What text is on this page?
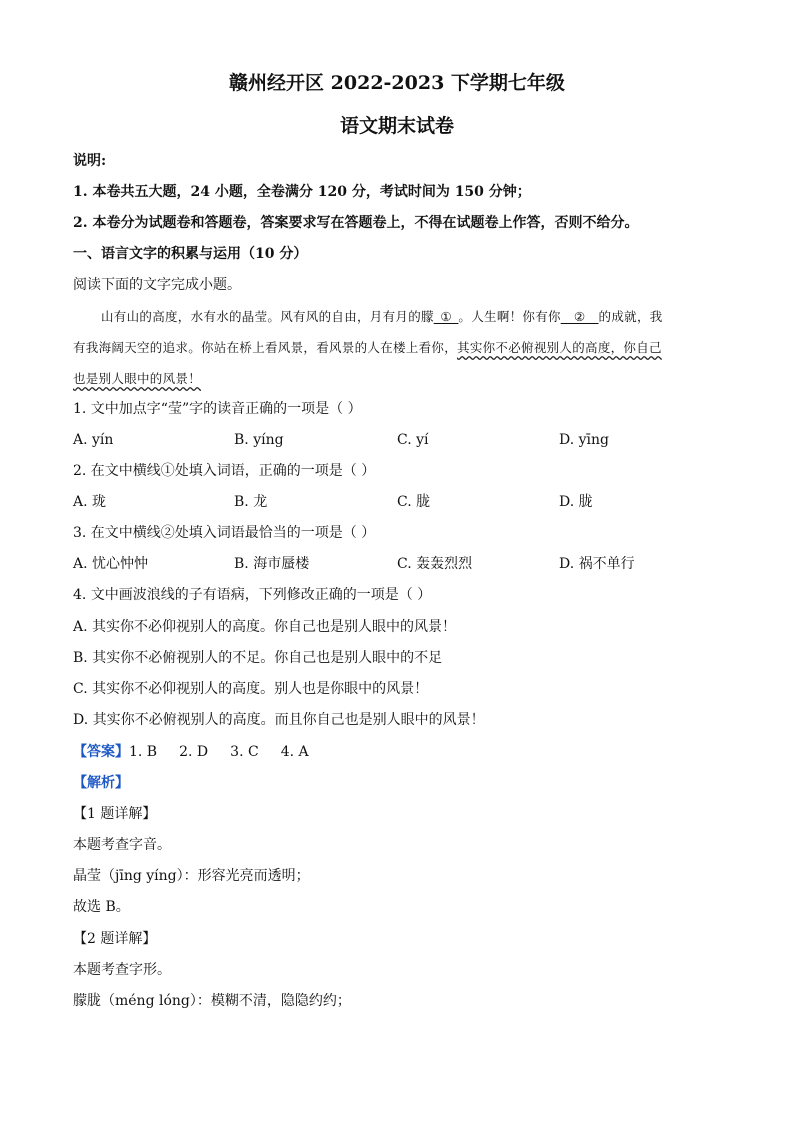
赣州经开区 2022-2023 下学期七年级
语文期末试卷
说明:
1. 本卷共五大题，24 小题，全卷满分 120 分，考试时间为 150 分钟；
2. 本卷分为试题卷和答题卷，答案要求写在答题卷上，不得在试题卷上作答，否则不给分。
一、语言文字的积累与运用（10 分）
阅读下面的文字完成小题。
山有山的高度，水有水的晶莹。风有风的自由，月有月的朦_①_。人生啊！你有你__②__的成就，我
有我海阔天空的追求。你站在桥上看风景，看风景的人在楼上看你，其实你不必俯视别人的高度，你自己
也是别人眼中的风景！
1. 文中加点字“莹”字的读音正确的一项是（ ）
A. yín	B. yíng	C. yí	D. yīng
2. 在文中横线①处填入词语，正确的一项是（ ）
A. 珑	B. 龙	C. 胧	D. 胧
3. 在文中横线②处填入词语最恰当的一项是（ ）
A. 忧心忡忡	B. 海市蜃楼	C. 轰轰烈烈	D. 祸不单行
4. 文中画波浪线的子有语病，下列修改正确的一项是（ ）
A. 其实你不必仰视别人的高度。你自己也是别人眼中的风景！
B. 其实你不必俯视别人的不足。你自己也是别人眼中的不足
C. 其实你不必仰视别人的高度。别人也是你眼中的风景！
D. 其实你不必俯视别人的高度。而且你自己也是别人眼中的风景！
【答案】1. B 2. D 3. C 4. A
【解析】
【1 题详解】
本题考查字音。
晶莹（jīng yíng）：形容光亮而透明；
故选 B。
【2 题详解】
本题考查字形。
朦胧（méng lóng）：模糊不清，隐隐约约；
